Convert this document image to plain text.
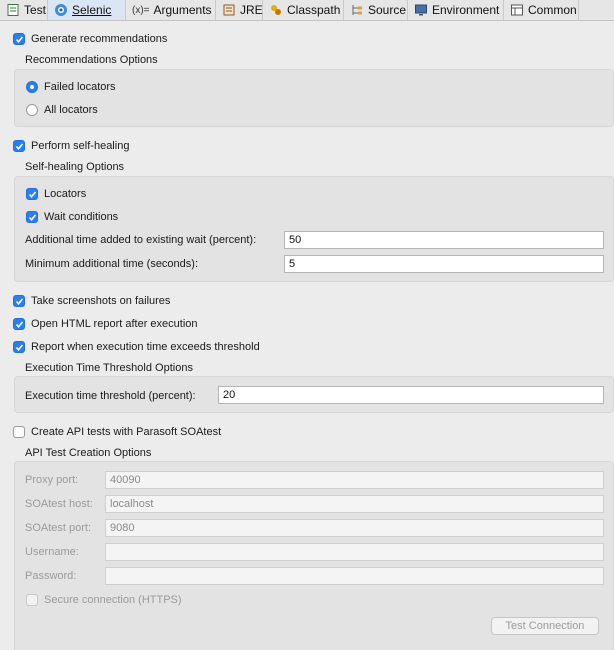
Test Selenic (x)= Arguments JRE Classpath Source Environment Common
Generate recommendations
Recommendations Options
Failed locators
All locators
Perform self-healing
Self-healing Options
Locators
Wait conditions
Additional time added to existing wait (percent):	50
Minimum additional time (seconds):	5
Take screenshots on failures
Open HTML report after execution
Report when execution time exceeds threshold
Execution Time Threshold Options
Execution time threshold (percent):	20
Create API tests with Parasoft SOAtest
API Test Creation Options
Proxy port:	40090
SOAtest host:	localhost
SOAtest port:	9080
Username:
Password:
Secure connection (HTTPS)
Test Connection
